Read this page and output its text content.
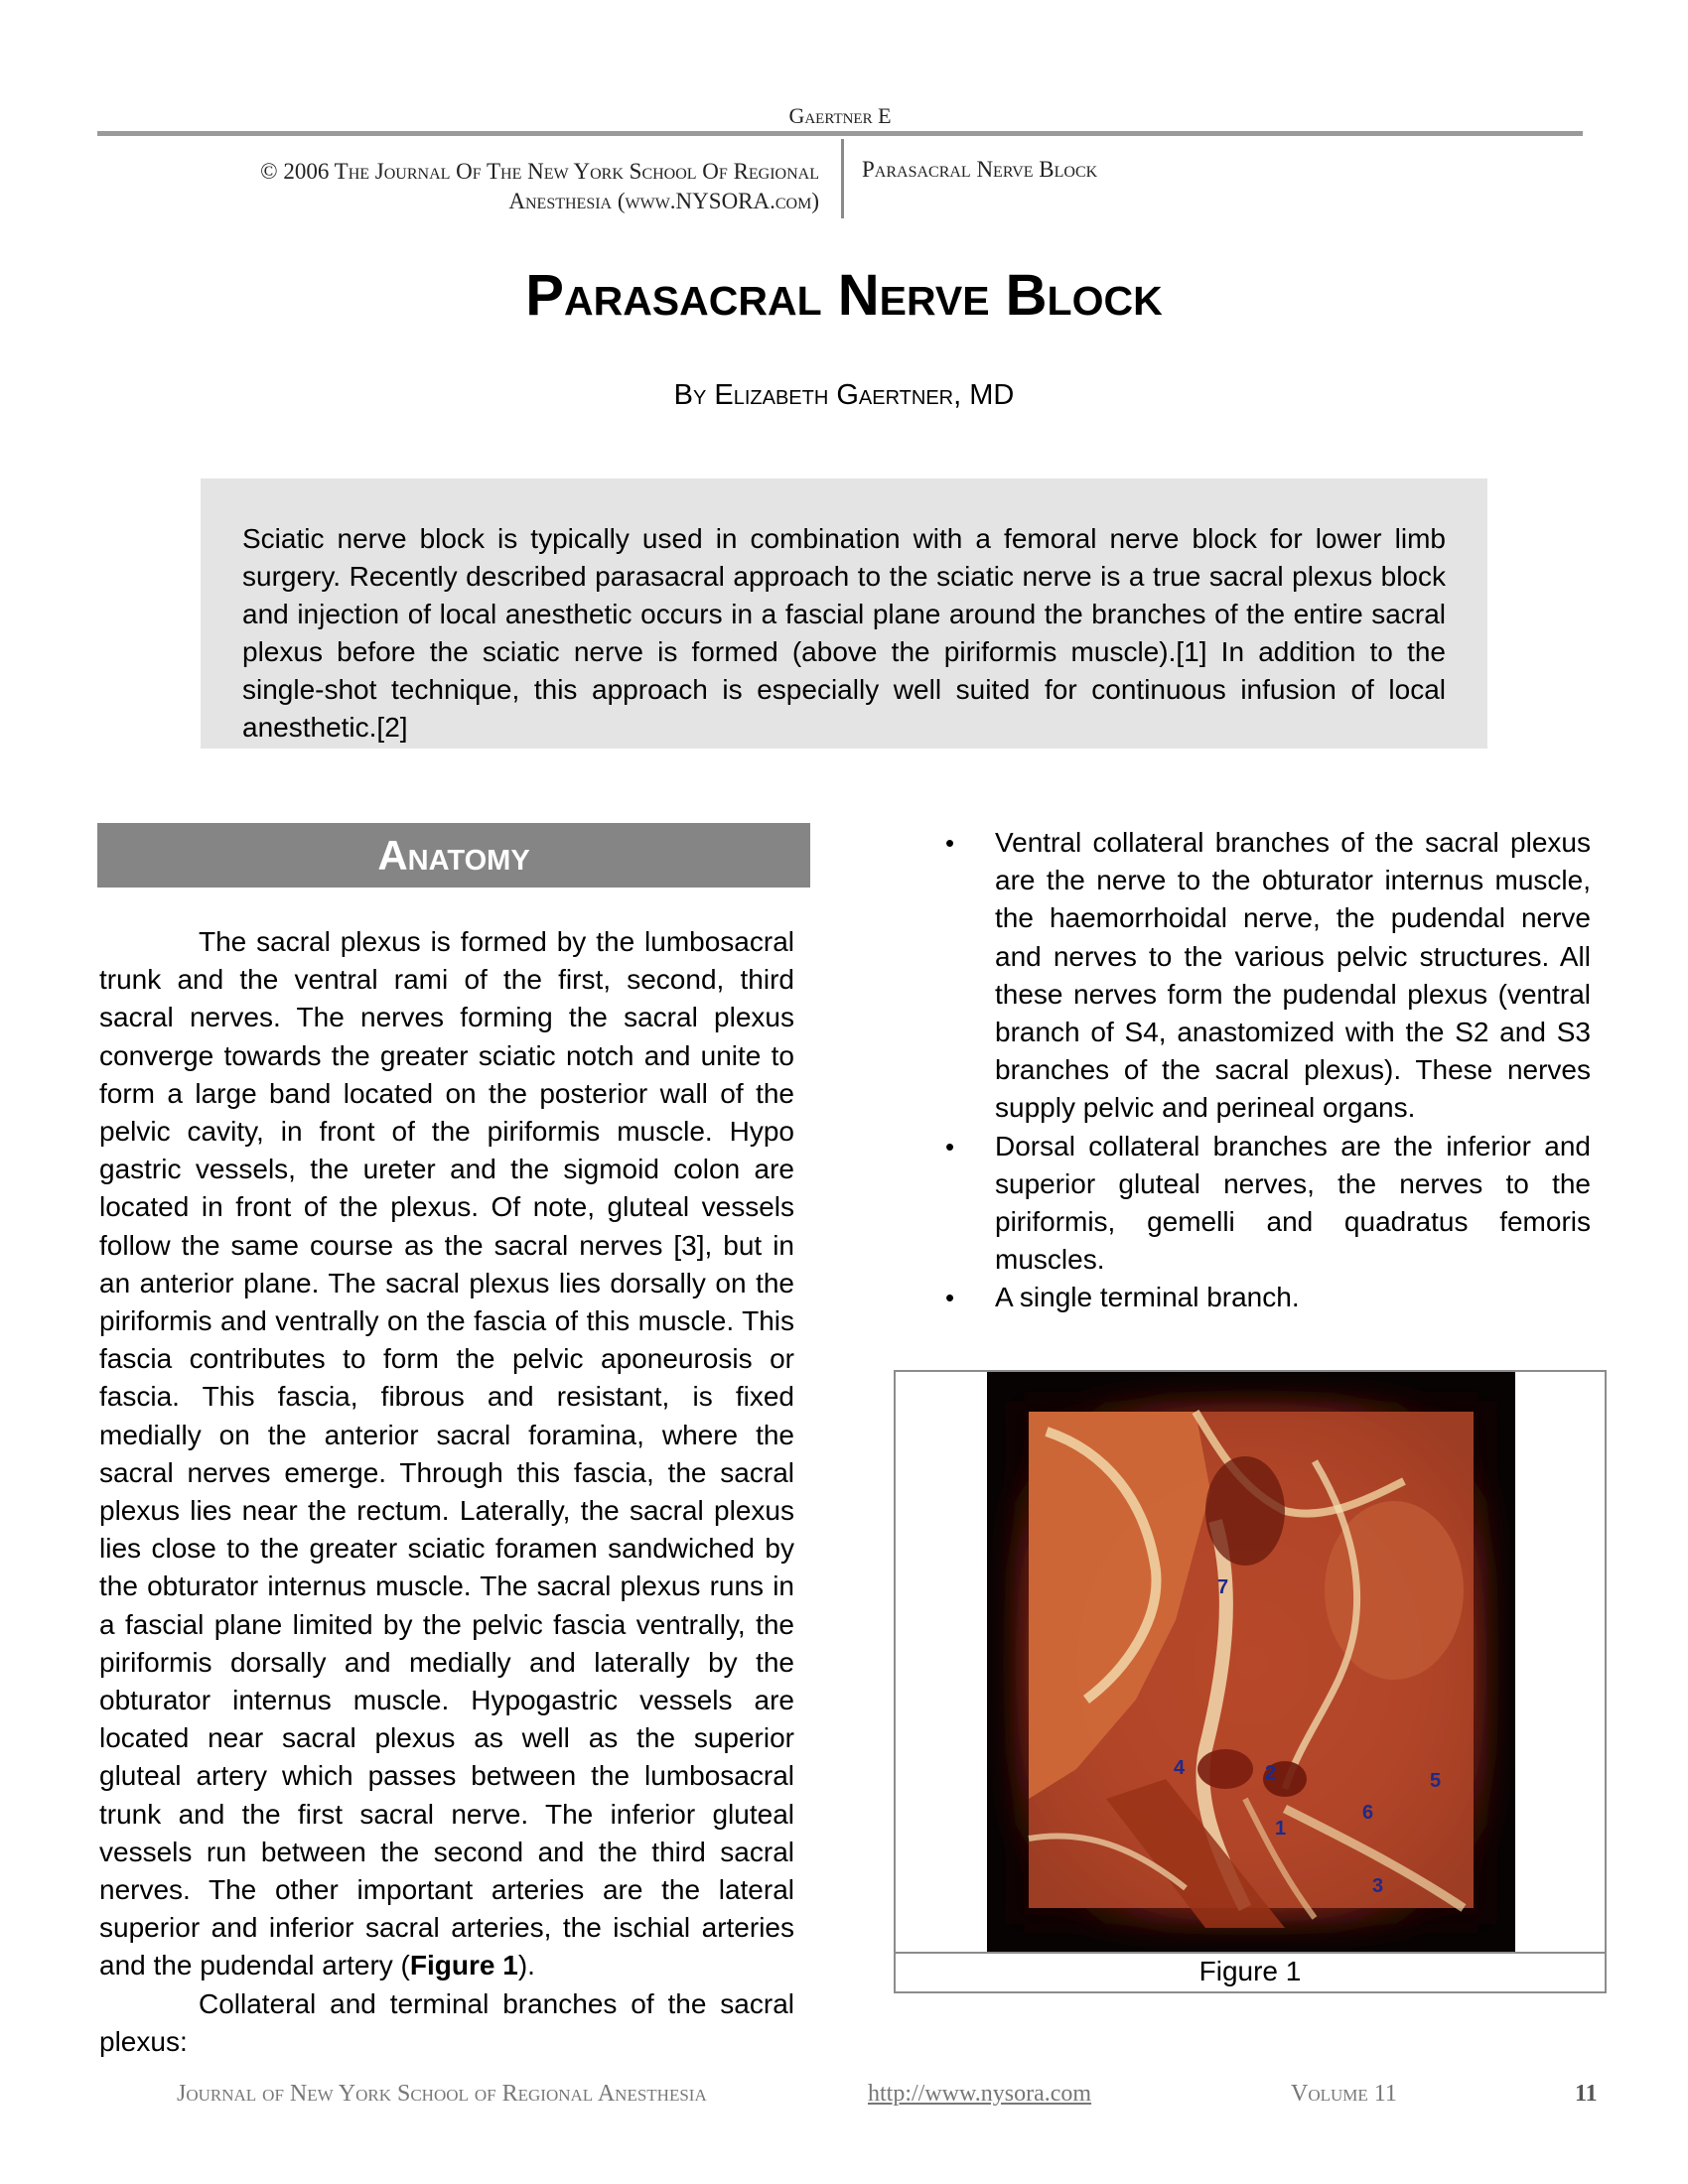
Gaertner E
© 2006 The Journal Of The New York School Of Regional
Anesthesia (www.NYSORA.com)
Parasacral Nerve Block
Parasacral Nerve Block
By Elizabeth Gaertner, MD

Sciatic nerve block is typically used in combination with a femoral nerve block for lower limb surgery. Recently described parasacral approach to the sciatic nerve is a true sacral plexus block and injection of local anesthetic occurs in a fascial plane around the branches of the entire sacral plexus before the sciatic nerve is formed (above the piriformis muscle).[1] In addition to the single-shot technique, this approach is especially well suited for continuous infusion of local anesthetic.[2]

Anatomy

The sacral plexus is formed by the lumbosacral trunk and the ventral rami of the first, second, third sacral nerves. The nerves forming the sacral plexus converge towards the greater sciatic notch and unite to form a large band located on the posterior wall of the pelvic cavity, in front of the piriformis muscle. Hypo gastric vessels, the ureter and the sigmoid colon are located in front of the plexus. Of note, gluteal vessels follow the same course as the sacral nerves [3], but in an anterior plane. The sacral plexus lies dorsally on the piriformis and ventrally on the fascia of this muscle. This fascia contributes to form the pelvic aponeurosis or fascia. This fascia, fibrous and resistant, is fixed medially on the anterior sacral foramina, where the sacral nerves emerge. Through this fascia, the sacral plexus lies near the rectum. Laterally, the sacral plexus lies close to the greater sciatic foramen sandwiched by the obturator internus muscle. The sacral plexus runs in a fascial plane limited by the pelvic fascia ventrally, the piriformis dorsally and medially and laterally by the obturator internus muscle. Hypogastric vessels are located near sacral plexus as well as the superior gluteal artery which passes between the lumbosacral trunk and the first sacral nerve. The inferior gluteal vessels run between the second and the third sacral nerves. The other important arteries are the lateral superior and inferior sacral arteries, the ischial arteries and the pudendal artery (Figure 1).

Collateral and terminal branches of the sacral plexus:

• Ventral collateral branches of the sacral plexus are the nerve to the obturator internus muscle, the haemorrhoidal nerve, the pudendal nerve and nerves to the various pelvic structures. All these nerves form the pudendal plexus (ventral branch of S4, anastomized with the S2 and S3 branches of the sacral plexus). These nerves supply pelvic and perineal organs.
• Dorsal collateral branches are the inferior and superior gluteal nerves, the nerves to the piriformis, gemelli and quadratus femoris muscles.
• A single terminal branch.
7
4	2
1
6
5
3
Figure 1
Journal of New York School of Regional Anesthesia	http://www.nysora.com	Volume 11	11
